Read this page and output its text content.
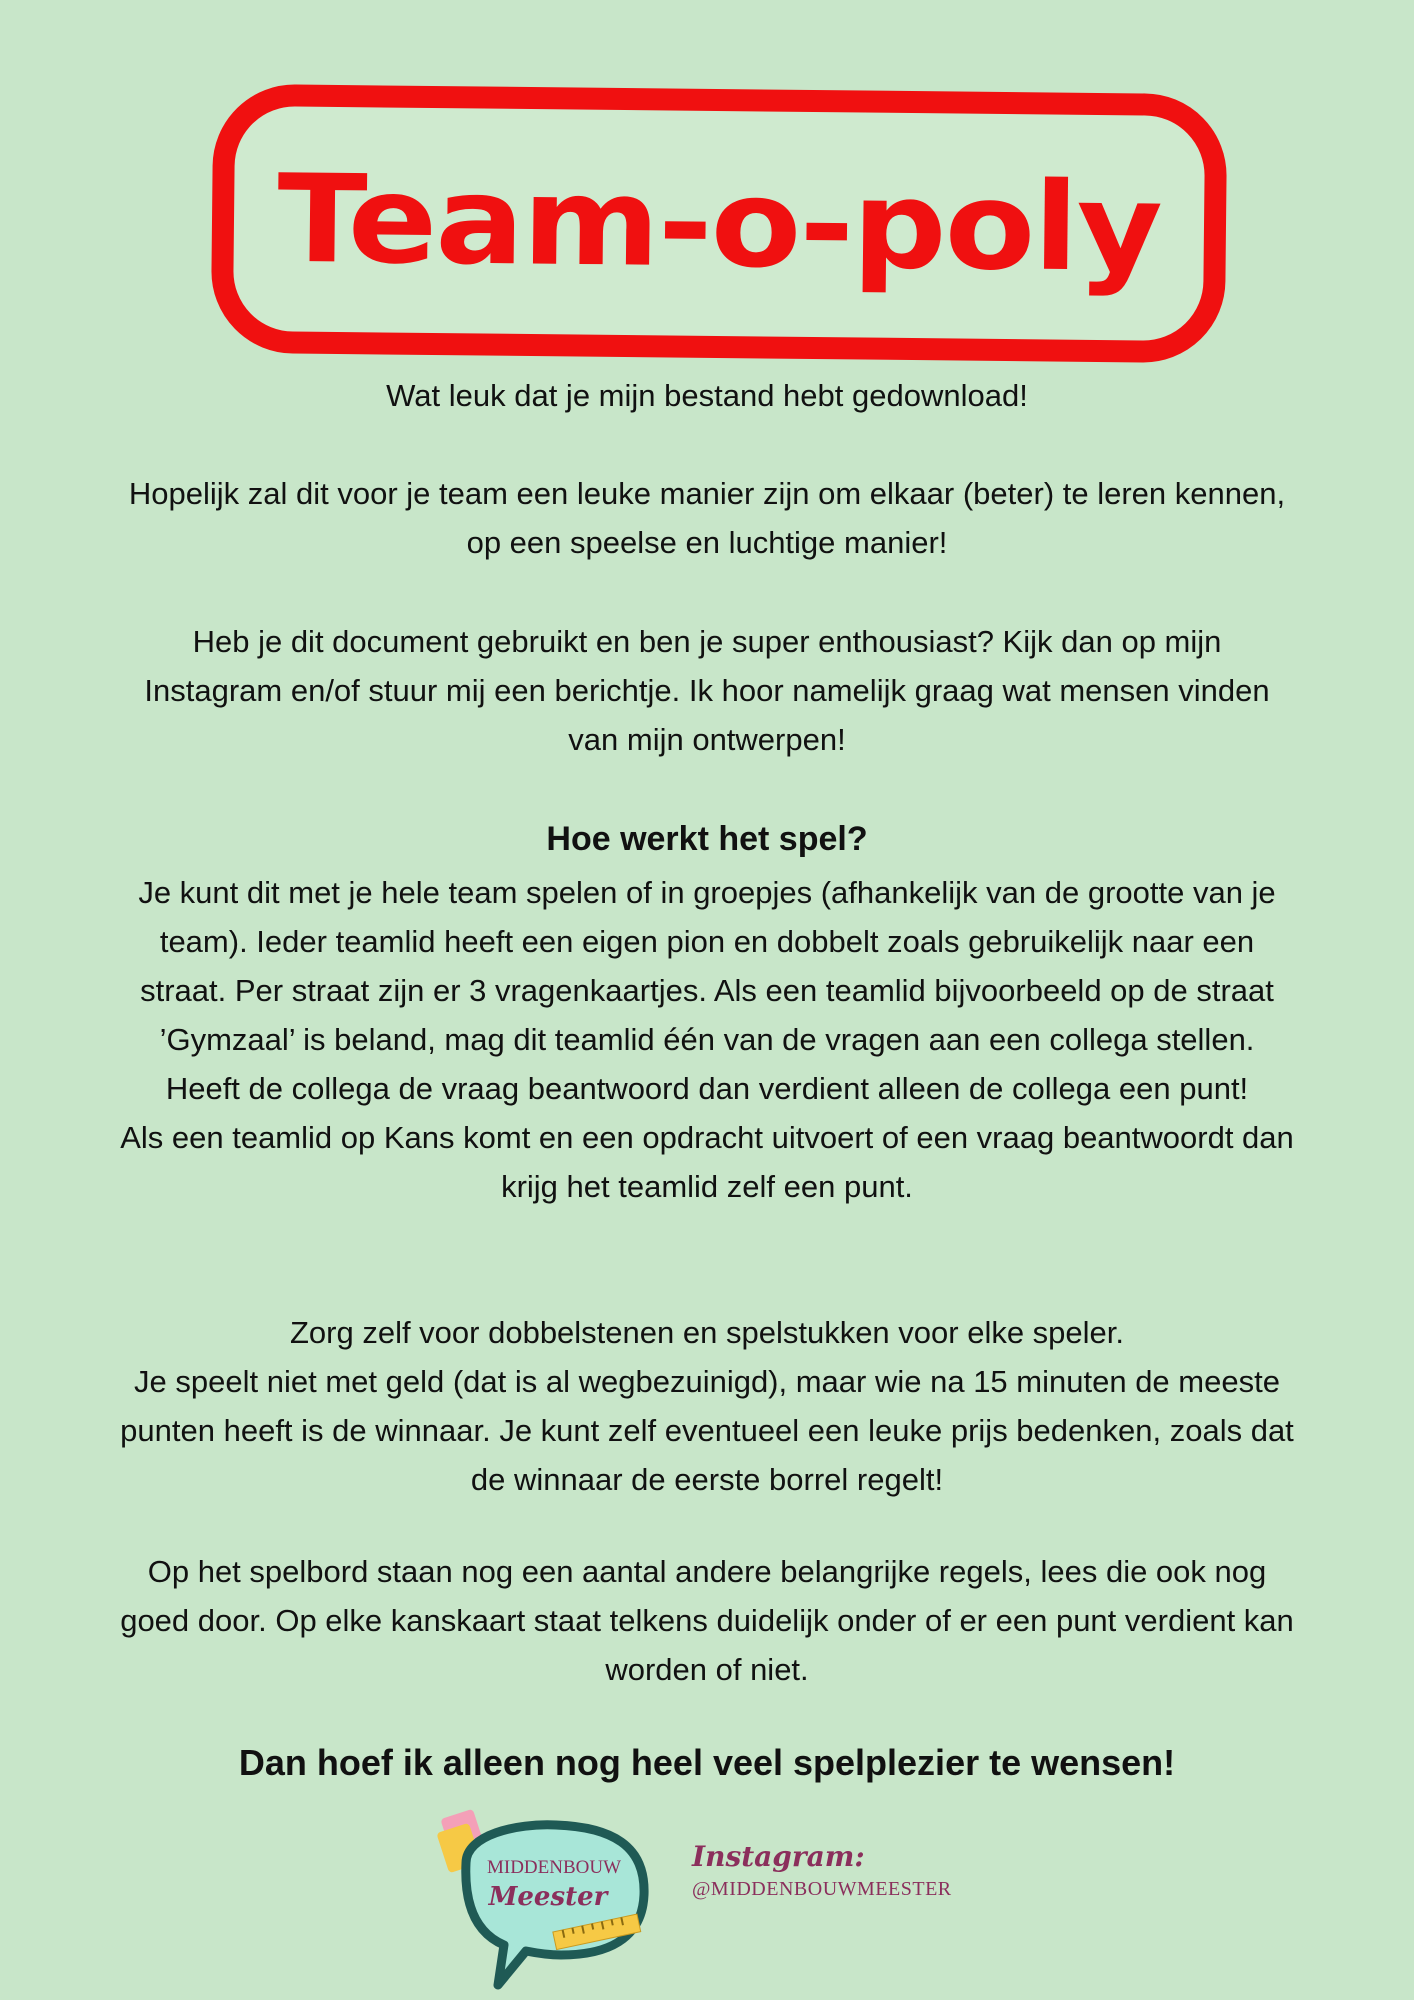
Team-o-poly

Wat leuk dat je mijn bestand hebt gedownload!

Hopelijk zal dit voor je team een leuke manier zijn om elkaar (beter) te leren kennen, op een speelse en luchtige manier!

Heb je dit document gebruikt en ben je super enthousiast? Kijk dan op mijn Instagram en/of stuur mij een berichtje. Ik hoor namelijk graag wat mensen vinden van mijn ontwerpen!

Hoe werkt het spel?
Je kunt dit met je hele team spelen of in groepjes (afhankelijk van de grootte van je team). Ieder teamlid heeft een eigen pion en dobbelt zoals gebruikelijk naar een straat. Per straat zijn er 3 vragenkaartjes. Als een teamlid bijvoorbeeld op de straat ’Gymzaal’ is beland, mag dit teamlid één van de vragen aan een collega stellen. Heeft de collega de vraag beantwoord dan verdient alleen de collega een punt!
Als een teamlid op Kans komt en een opdracht uitvoert of een vraag beantwoordt dan krijg het teamlid zelf een punt.
Zorg zelf voor dobbelstenen en spelstukken voor elke speler.
Je speelt niet met geld (dat is al wegbezuinigd), maar wie na 15 minuten de meeste punten heeft is de winnaar. Je kunt zelf eventueel een leuke prijs bedenken, zoals dat de winnaar de eerste borrel regelt!

Op het spelbord staan nog een aantal andere belangrijke regels, lees die ook nog goed door. Op elke kanskaart staat telkens duidelijk onder of er een punt verdient kan worden of niet.

Dan hoef ik alleen nog heel veel spelplezier te wensen!
MIDDENBOUW
Meester
Instagram:
@MIDDENBOUWMEESTER
